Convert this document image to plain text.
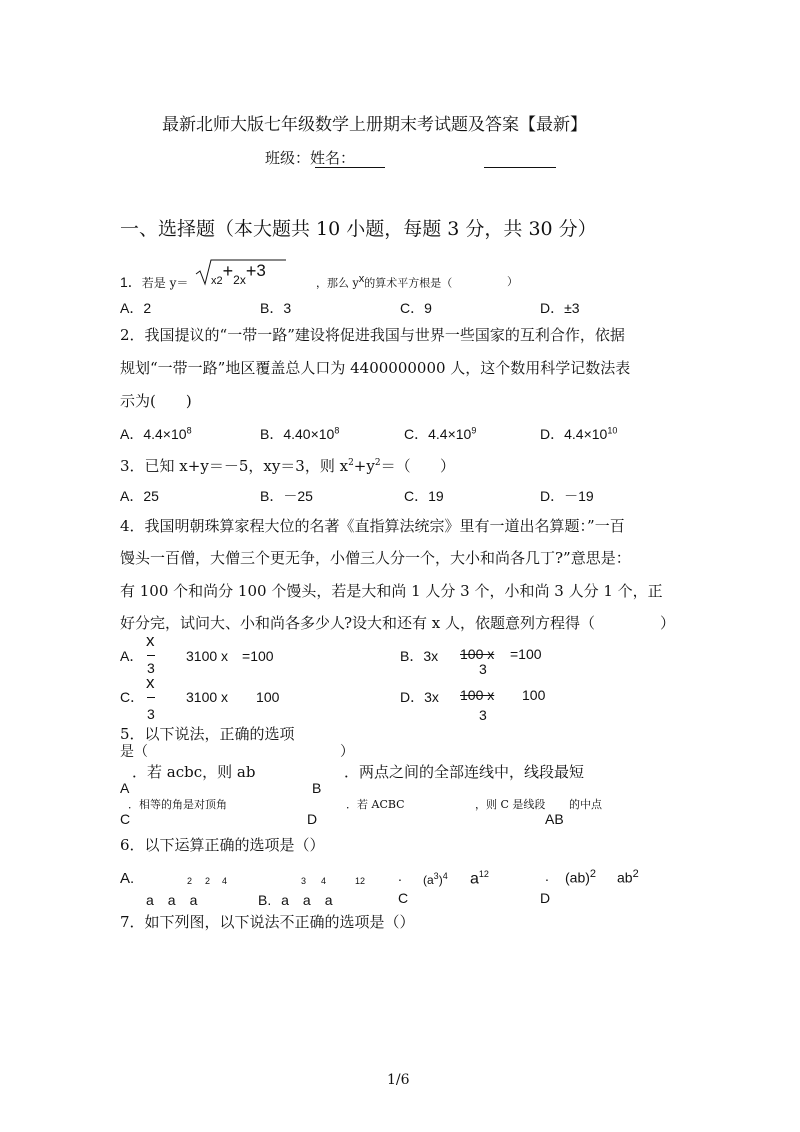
最新北师大版七年级数学上册期末考试题及答案【最新】
班级：姓名：
一、选择题（本大题共 10 小题，每题 3 分，共 30 分）
1．若是 y＝ x2+2x+3
，那么 $y^x$的算术平方根是（	）
A．2	B．3	C．9	D．±3
2．我国提议的“一带一路”建设将促进我国与世界一些国家的互利合作，依据
规划“一带一路”地区覆盖总人口为 4400000000 人，这个数用科学记数法表
示为(　　)
A．$4.4\times 10^8$	B．$4.40\times 10^8$	C．$4.4\times 10^9$	D．$4.4\times 10^{10}$
3．已知 x+y＝－5，xy＝3，则 $x^2+y^2=$（ ）
A．25	B．－25	C．19	D．－19
4．我国明朝珠算家程大位的名著《直指算法统宗》里有一道出名算题：”一百
馒头一百僧，大僧三个更无争，小僧三人分一个，大小和尚各几丁?”意思是：
有 100 个和尚分 100 个馒头，若是大和尚 1 人分 3 个，小和尚 3 人分 1 个，正
好分完，试问大、小和尚各多少人
?设大和还有 x 人，依题意列方程得（	）
A．
x
3
3100 x　=100	B．3x 100 x
3
=100
C．
x
3
3100 x　　100	D．3x 100 x
3
100
5．以下说法，正确的选项
是（	）
．若 acbc，则 ab	．两点之间的全部连线中，线段最短
A	B
．相等的角是对顶角	．若 ACBC	，则 C 是线段 的中点
C	D	AB
6．以下运算正确的选项是（）
A.	2 2 4	3 4	12 . $(a^3)^4$ $a^{12}$	. (ab)$^2$ $ab^2$
a　a　a	B. a　a　a	C	D
7．如下列图，以下说法不正确的选项是（）
1/6
